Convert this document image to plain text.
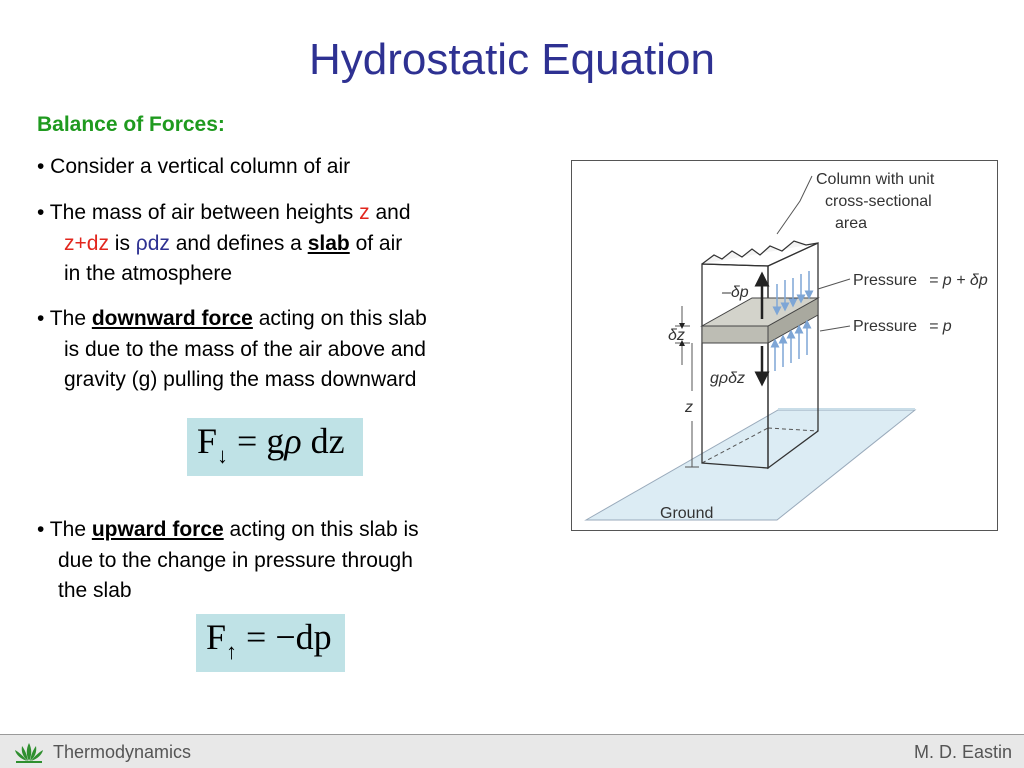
Hydrostatic Equation
Balance of Forces:
• Consider a vertical column of air
• The mass of air between heights z and
z+dz is ρdz and defines a slab of air
in the atmosphere
• The downward force acting on this slab
is due to the mass of the air above and
gravity (g) pulling the mass downward
$F_↓ = g\rho$ dz
• The upward force acting on this slab is
due to the change in pressure through
the slab
$F_↑ = -dp$
Column with unit
cross-sectional
area
Pressure = p + δp
Pressure = p
–δp
gρδz
δz
z
Ground
Thermodynamics	M. D. Eastin
